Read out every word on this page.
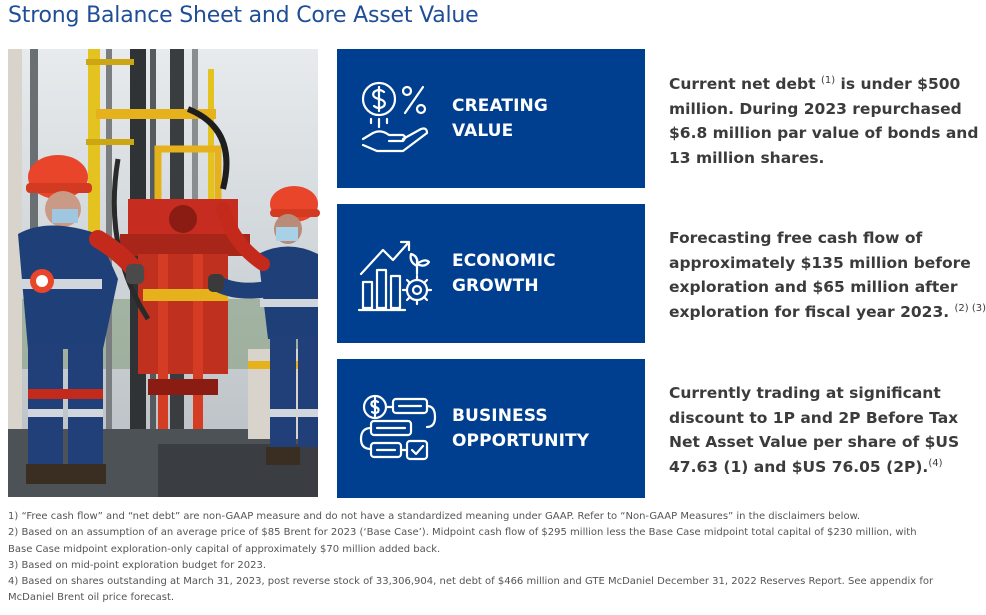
Strong Balance Sheet and Core Asset Value
CREATING
VALUE
ECONOMIC
GROWTH
BUSINESS
OPPORTUNITY
Current net debt $^{(1)}$ is under $500
million. During 2023 repurchased
$6.8 million par value of bonds and
13 million shares.
Forecasting free cash flow of
approximately $135 million before
exploration and $65 million after
exploration for fiscal year 2023. $^{(2) (3)}$
Currently trading at significant
discount to 1P and 2P Before Tax
Net Asset Value per share of $US
47.63 (1) and $US 76.05 (2P).$^{(4)}$
1) “Free cash flow” and “net debt” are non-GAAP measure and do not have a standardized meaning under GAAP. Refer to “Non-GAAP Measures” in the disclaimers below.
2) Based on an assumption of an average price of $85 Brent for 2023 (‘Base Case’). Midpoint cash flow of $295 million less the Base Case midpoint total capital of $230 million, with
Base Case midpoint exploration-only capital of approximately $70 million added back.
3) Based on mid-point exploration budget for 2023.
4) Based on shares outstanding at March 31, 2023, post reverse stock of 33,306,904, net debt of $466 million and GTE McDaniel December 31, 2022 Reserves Report. See appendix for
McDaniel Brent oil price forecast.
